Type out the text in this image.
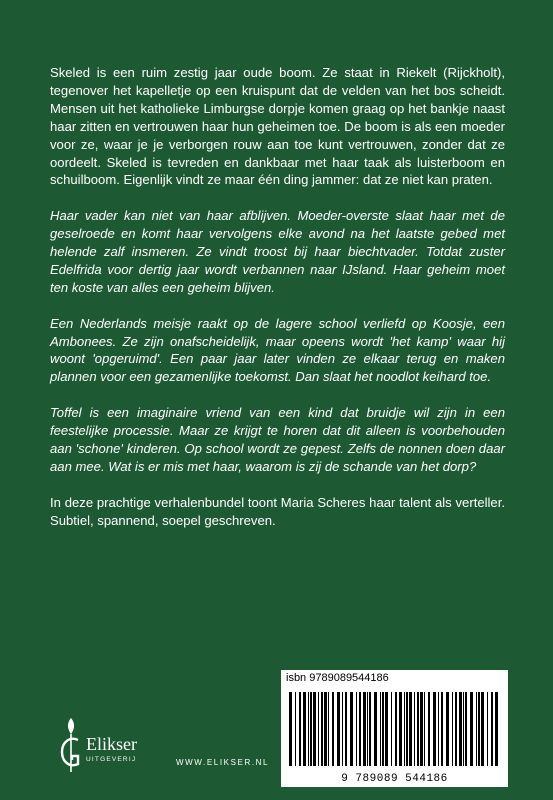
Skeled is een ruim zestig jaar oude boom. Ze staat in Riekelt (Rijckholt), tegenover het kapelletje op een kruispunt dat de velden van het bos scheidt. Mensen uit het katholieke Limburgse dorpje komen graag op het bankje naast haar zitten en vertrouwen haar hun geheimen toe. De boom is als een moeder voor ze, waar je je verborgen rouw aan toe kunt vertrouwen, zonder dat ze oordeelt. Skeled is tevreden en dankbaar met haar taak als luisterboom en schuilboom. Eigenlijk vindt ze maar één ding jammer: dat ze niet kan praten.

Haar vader kan niet van haar afblijven. Moeder-overste slaat haar met de geselroede en komt haar vervolgens elke avond na het laatste gebed met helende zalf insmeren. Ze vindt troost bij haar biechtvader. Totdat zuster Edelfrida voor dertig jaar wordt verbannen naar IJsland. Haar geheim moet ten koste van alles een geheim blijven.

Een Nederlands meisje raakt op de lagere school verliefd op Koosje, een Ambonees. Ze zijn onafscheidelijk, maar opeens wordt 'het kamp' waar hij woont 'opgeruimd'. Een paar jaar later vinden ze elkaar terug en maken plannen voor een gezamenlijke toekomst. Dan slaat het noodlot keihard toe.

Toffel is een imaginaire vriend van een kind dat bruidje wil zijn in een feestelijke processie. Maar ze krijgt te horen dat dit alleen is voorbehouden aan 'schone' kinderen. Op school wordt ze gepest. Zelfs de nonnen doen daar aan mee. Wat is er mis met haar, waarom is zij de schande van het dorp?

In deze prachtige verhalenbundel toont Maria Scheres haar talent als verteller. Subtiel, spannend, soepel geschreven.

isbn 9789089544186
9 789089 544186
Elikser
UITGEVERIJ	WWW.ELIKSER.NL
